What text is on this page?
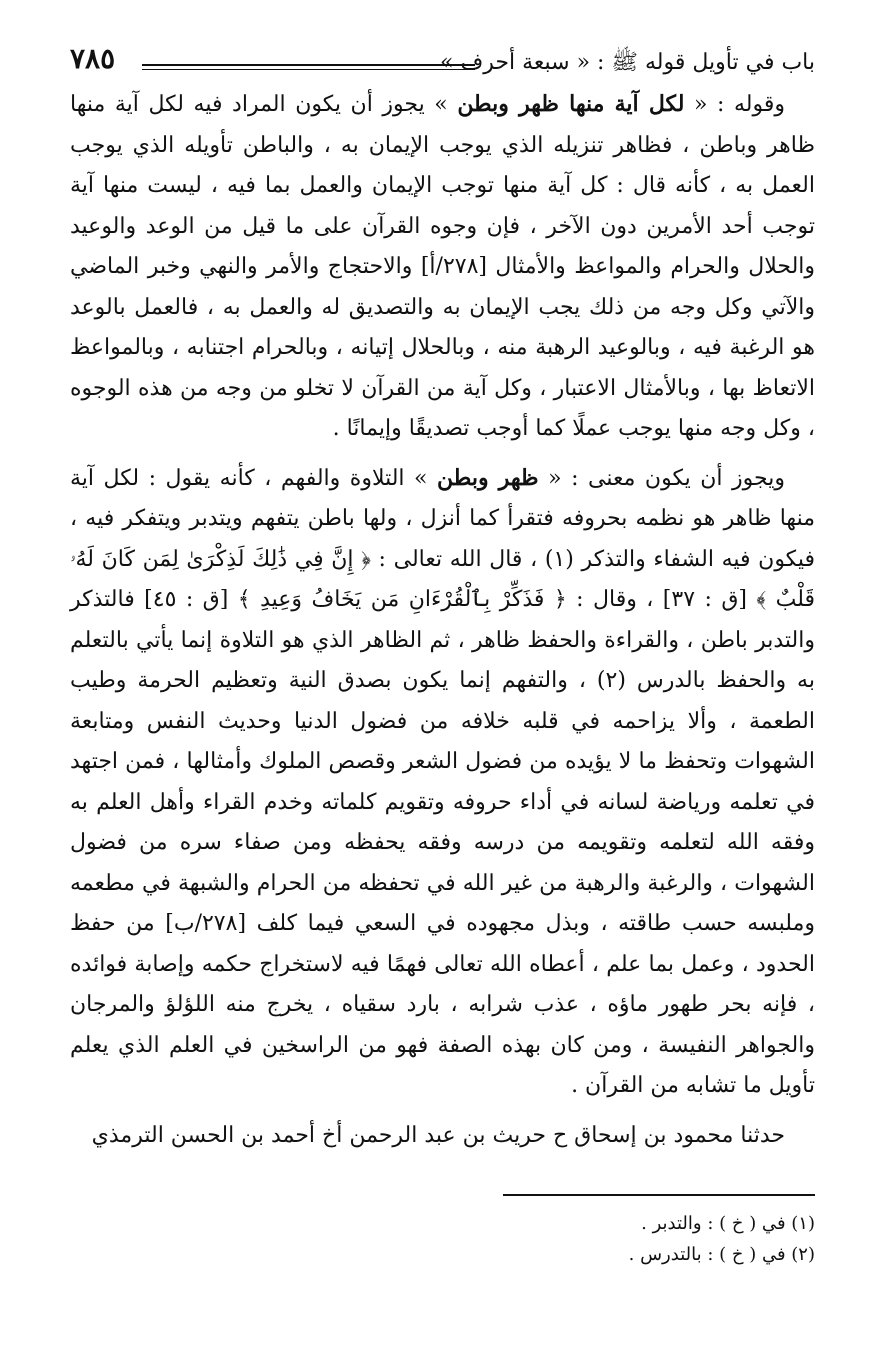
باب في تأويل قوله ﷺ : « سبعة أحرف »
٧٨٥

وقوله : « لكل آية منها ظهر وبطن » يجوز أن يكون المراد فيه لكل آية منها ظاهر وباطن ، فظاهر تنزيله الذي يوجب الإيمان به ، والباطن تأويله الذي يوجب العمل به ، كأنه قال : كل آية منها توجب الإيمان والعمل بما فيه ، ليست منها آية توجب أحد الأمرين دون الآخر ، فإن وجوه القرآن على ما قيل من الوعد والوعيد والحلال والحرام والمواعظ والأمثال [٢٧٨/أ] والاحتجاج والأمر والنهي وخبر الماضي والآتي وكل وجه من ذلك يجب الإيمان به والتصديق له والعمل به ، فالعمل بالوعد هو الرغبة فيه ، وبالوعيد الرهبة منه ، وبالحلال إتيانه ، وبالحرام اجتنابه ، وبالمواعظ الاتعاظ بها ، وبالأمثال الاعتبار ، وكل آية من القرآن لا تخلو من وجه من هذه الوجوه ، وكل وجه منها يوجب عملًا كما أوجب تصديقًا وإيمانًا .

ويجوز أن يكون معنى : « ظهر وبطن » التلاوة والفهم ، كأنه يقول : لكل آية منها ظاهر هو نظمه بحروفه فتقرأ كما أنزل ، ولها باطن يتفهم ويتدبر ويتفكر فيه ، فيكون فيه الشفاء والتذكر (١) ، قال الله تعالى : ﴿ إِنَّ فِي ذَٰلِكَ لَذِكْرَىٰ لِمَن كَانَ لَهُۥ قَلْبٌ ﴾ [ق : ٣٧] ، وقال : ﴿ فَذَكِّرْ بِٱلْقُرْءَانِ مَن يَخَافُ وَعِيدِ ﴾ [ق : ٤٥] فالتذكر والتدبر باطن ، والقراءة والحفظ ظاهر ، ثم الظاهر الذي هو التلاوة إنما يأتي بالتعلم به والحفظ بالدرس (٢) ، والتفهم إنما يكون بصدق النية وتعظيم الحرمة وطيب الطعمة ، وألا يزاحمه في قلبه خلافه من فضول الدنيا وحديث النفس ومتابعة الشهوات وتحفظ ما لا يؤيده من فضول الشعر وقصص الملوك وأمثالها ، فمن اجتهد في تعلمه ورياضة لسانه في أداء حروفه وتقويم كلماته وخدم القراء وأهل العلم به وفقه الله لتعلمه وتقويمه من درسه وفقه يحفظه ومن صفاء سره من فضول الشهوات ، والرغبة والرهبة من غير الله في تحفظه من الحرام والشبهة في مطعمه وملبسه حسب طاقته ، وبذل مجهوده في السعي فيما كلف [٢٧٨/ب] من حفظ الحدود ، وعمل بما علم ، أعطاه الله تعالى فهمًا فيه لاستخراج حكمه وإصابة فوائده ، فإنه بحر طهور ماؤه ، عذب شرابه ، بارد سقياه ، يخرج منه اللؤلؤ والمرجان والجواهر النفيسة ، ومن كان بهذه الصفة فهو من الراسخين في العلم الذي يعلم تأويل ما تشابه من القرآن .

حدثنا محمود بن إسحاق ح حريث بن عبد الرحمن أخ أحمد بن الحسن الترمذي

(١) في ( خ ) : والتدبر .
(٢) في ( خ ) : بالتدرس .
